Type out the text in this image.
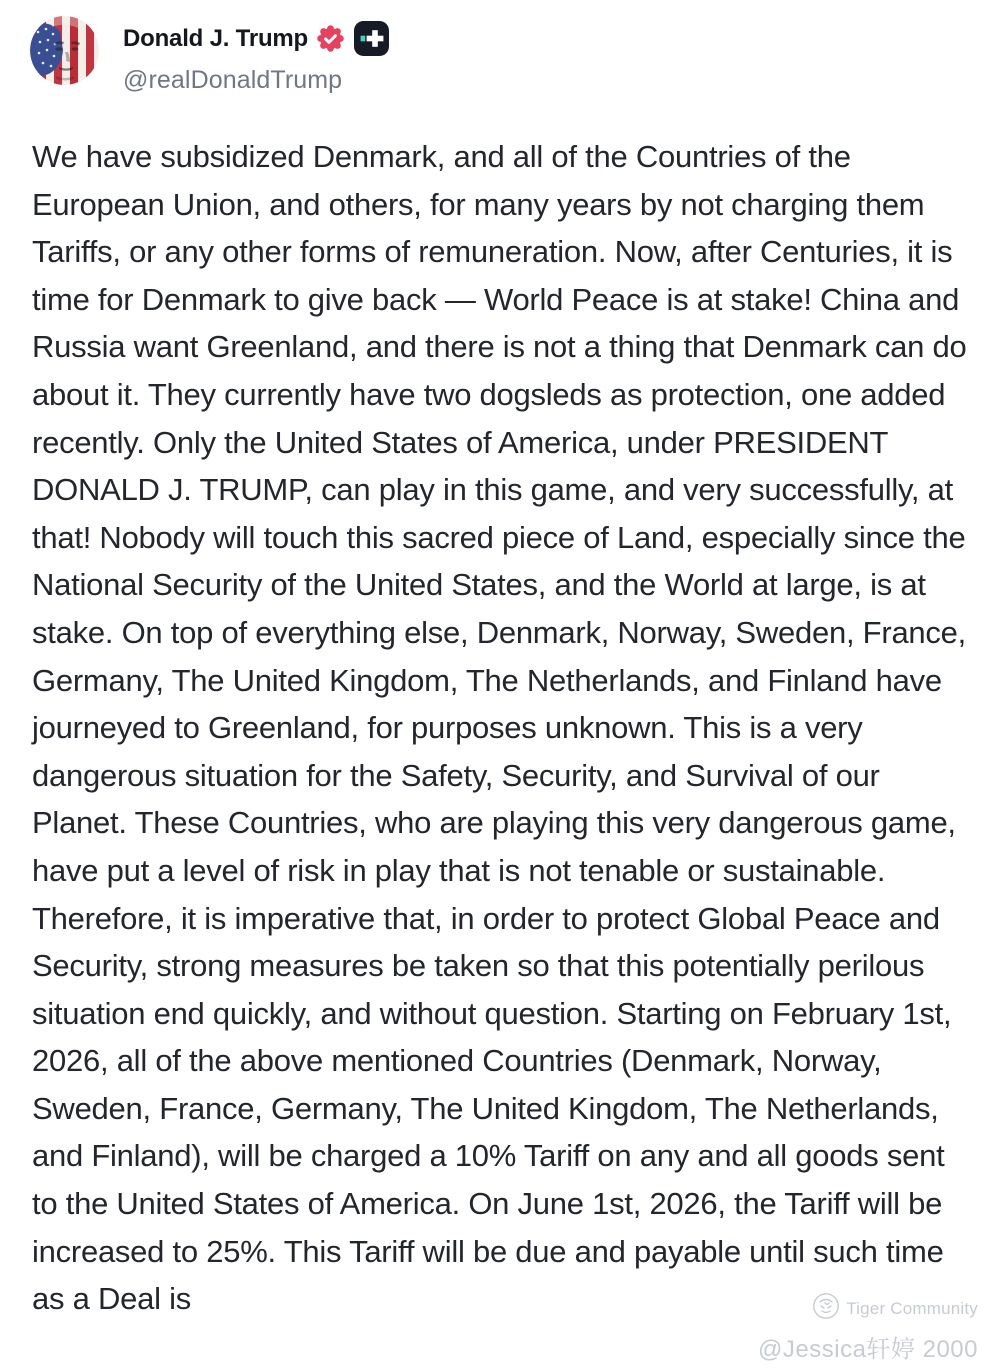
Donald J. Trump
@realDonaldTrump
We have subsidized Denmark, and all of the Countries of the European Union, and others, for many years by not charging them Tariffs, or any other forms of remuneration. Now, after Centuries, it is time for Denmark to give back — World Peace is at stake! China and Russia want Greenland, and there is not a thing that Denmark can do about it. They currently have two dogsleds as protection, one added recently. Only the United States of America, under PRESIDENT DONALD J. TRUMP, can play in this game, and very successfully, at that! Nobody will touch this sacred piece of Land, especially since the National Security of the United States, and the World at large, is at stake. On top of everything else, Denmark, Norway, Sweden, France, Germany, The United Kingdom, The Netherlands, and Finland have journeyed to Greenland, for purposes unknown. This is a very dangerous situation for the Safety, Security, and Survival of our Planet. These Countries, who are playing this very dangerous game, have put a level of risk in play that is not tenable or sustainable. Therefore, it is imperative that, in order to protect Global Peace and Security, strong measures be taken so that this potentially perilous situation end quickly, and without question. Starting on February 1st, 2026, all of the above mentioned Countries (Denmark, Norway, Sweden, France, Germany, The United Kingdom, The Netherlands, and Finland), will be charged a 10% Tariff on any and all goods sent to the United States of America. On June 1st, 2026, the Tariff will be increased to 25%. This Tariff will be due and payable until such time as a Deal is	Tiger Community
@Jessica轩婷 2000
